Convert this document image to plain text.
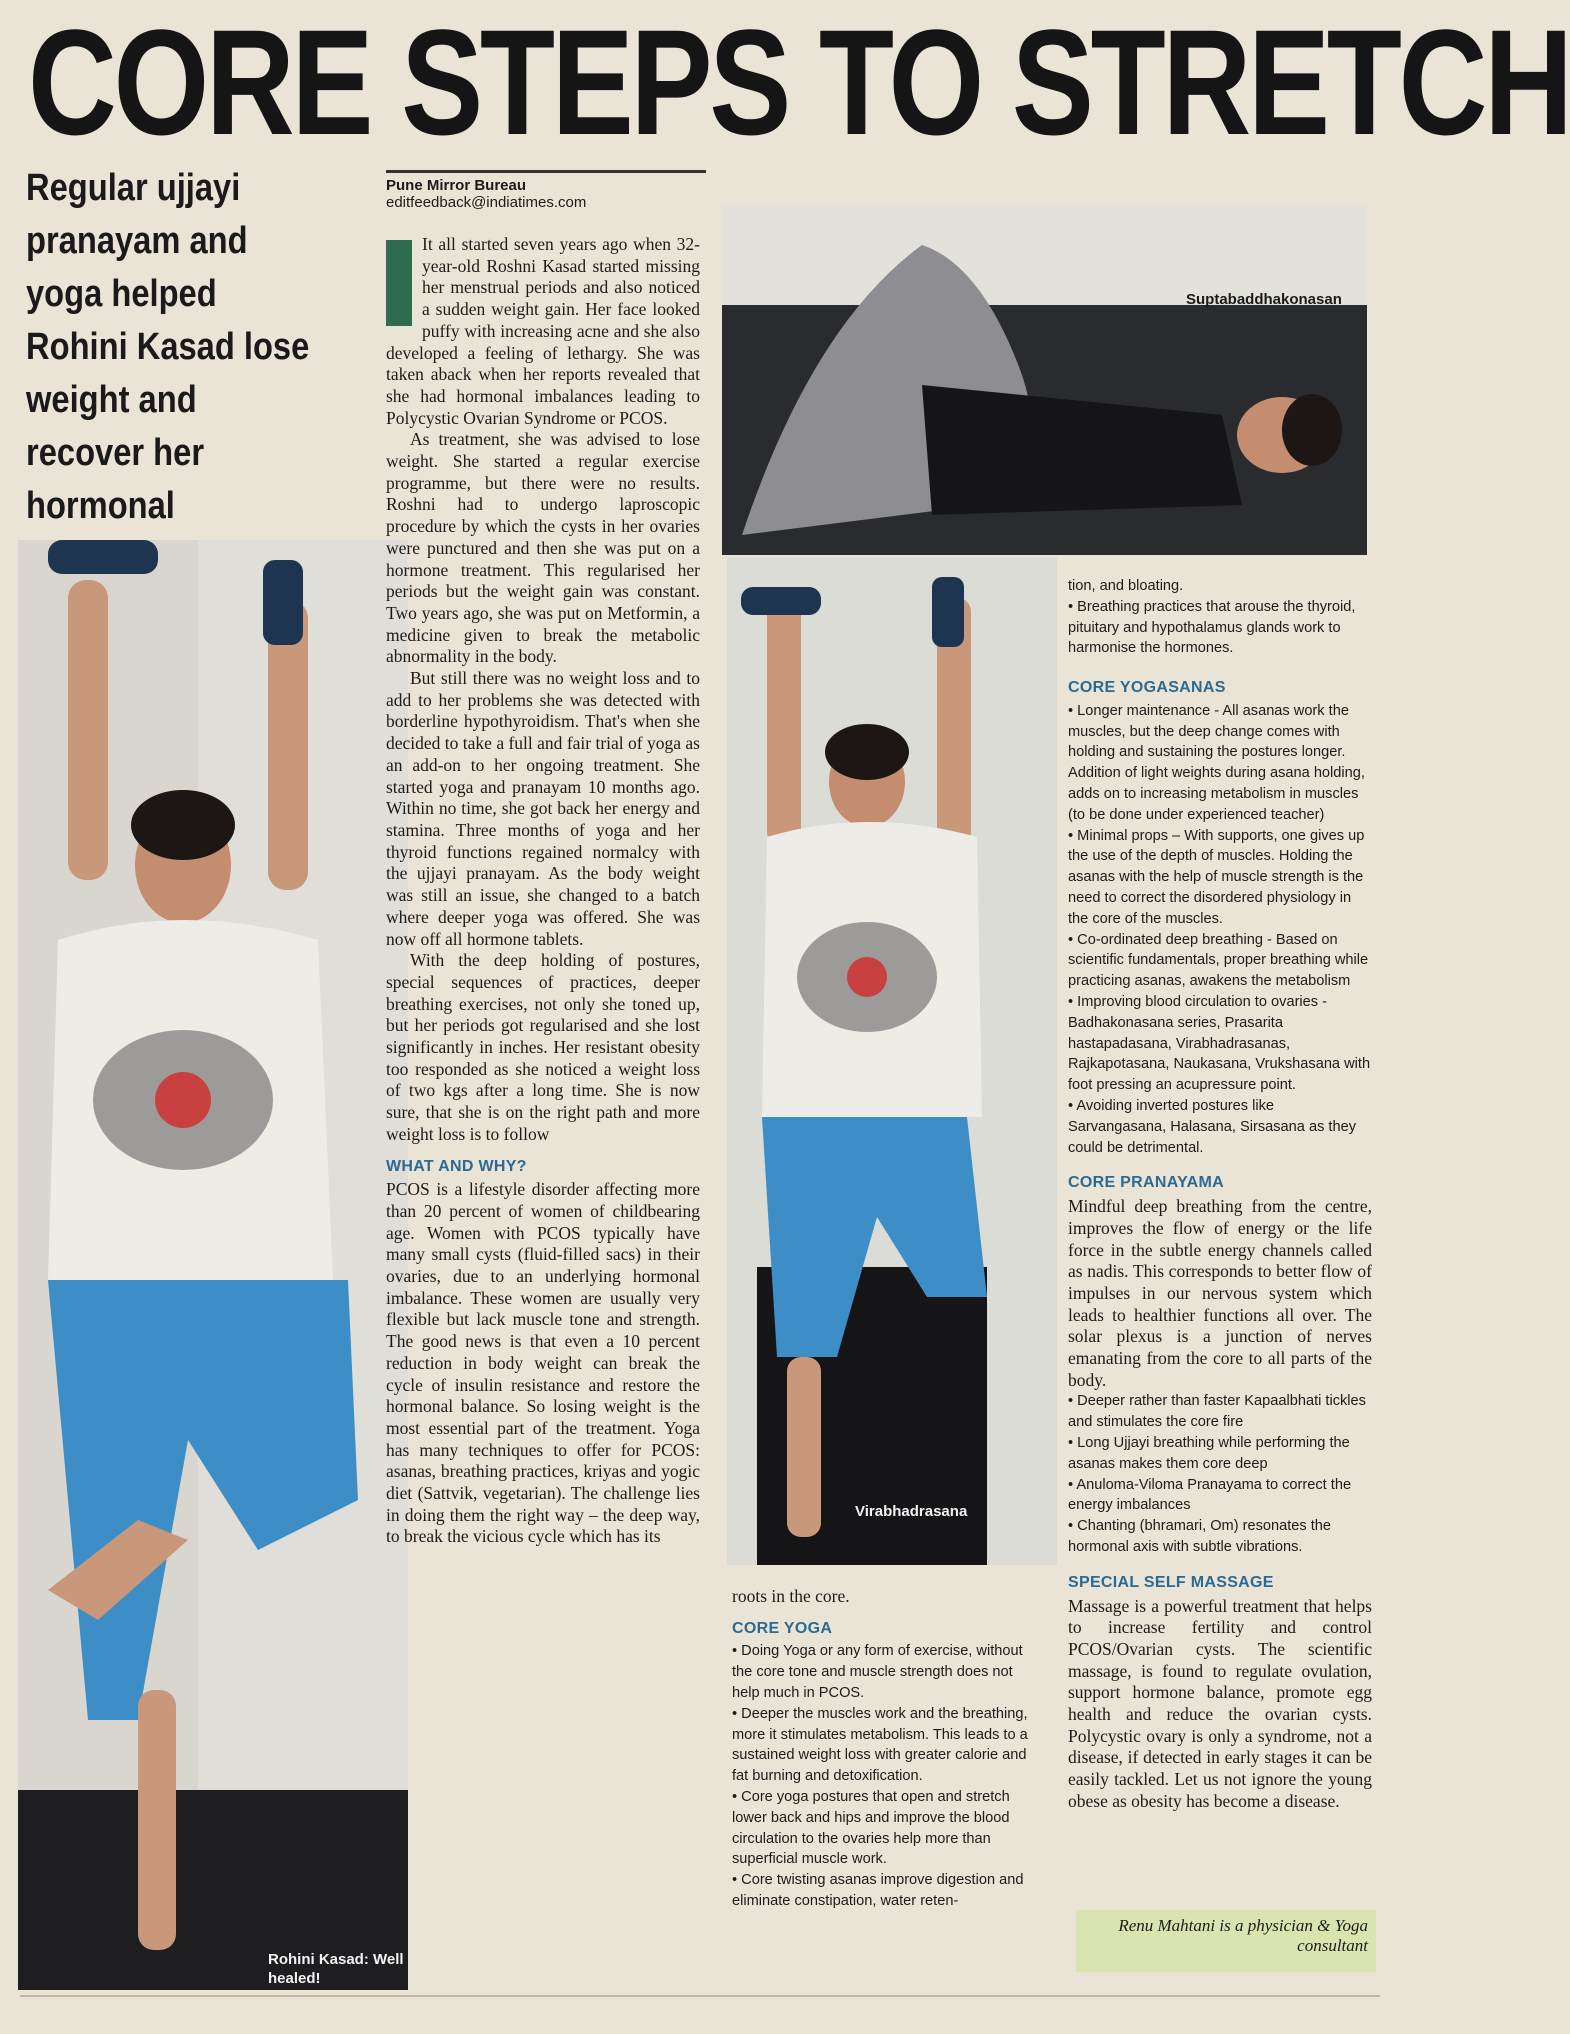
CORE STEPS TO STRETCH
Regular ujjayi pranayam and yoga helped Rohini Kasad lose weight and recover her hormonal
Pune Mirror Bureau
editfeedback@indiatimes.com
Rohini Kasad: Well healed!

It all started seven years ago when 32-year-old Roshni Kasad started missing her menstrual periods and also noticed a sudden weight gain. Her face looked puffy with increasing acne and she also developed a feeling of lethargy. She was taken aback when her reports revealed that she had hormonal imbalances leading to Polycystic Ovarian Syndrome or PCOS.

As treatment, she was advised to lose weight. She started a regular exercise programme, but there were no results. Roshni had to undergo laproscopic procedure by which the cysts in her ovaries were punctured and then she was put on a hormone treatment. This regularised her periods but the weight gain was constant. Two years ago, she was put on Metformin, a medicine given to break the metabolic abnormality in the body.

But still there was no weight loss and to add to her problems she was detected with borderline hypothyroidism. That's when she decided to take a full and fair trial of yoga as an add-on to her ongoing treatment. She started yoga and pranayam 10 months ago. Within no time, she got back her energy and stamina. Three months of yoga and her thyroid functions regained normalcy with the ujjayi pranayam. As the body weight was still an issue, she changed to a batch where deeper yoga was offered. She was now off all hormone tablets.

With the deep holding of postures, special sequences of practices, deeper breathing exercises, not only she toned up, but her periods got regularised and she lost significantly in inches. Her resistant obesity too responded as she noticed a weight loss of two kgs after a long time. She is now sure, that she is on the right path and more weight loss is to follow

WHAT AND WHY?

PCOS is a lifestyle disorder affecting more than 20 percent of women of childbearing age. Women with PCOS typically have many small cysts (fluid-filled sacs) in their ovaries, due to an underlying hormonal imbalance. These women are usually very flexible but lack muscle tone and strength. The good news is that even a 10 percent reduction in body weight can break the cycle of insulin resistance and restore the hormonal balance. So losing weight is the most essential part of the treatment. Yoga has many techniques to offer for PCOS: asanas, breathing practices, kriyas and yogic diet (Sattvik, vegetarian). The challenge lies in doing them the right way – the deep way, to break the vicious cycle which has its

Suptabaddhakonasan
Virabhadrasana

roots in the core.

CORE YOGA
• Doing Yoga or any form of exercise, without the core tone and muscle strength does not help much in PCOS.
• Deeper the muscles work and the breathing, more it stimulates metabolism. This leads to a sustained weight loss with greater calorie and fat burning and detoxification.
• Core yoga postures that open and stretch lower back and hips and improve the blood circulation to the ovaries help more than superficial muscle work.
• Core twisting asanas improve digestion and eliminate constipation, water reten-
tion, and bloating.
• Breathing practices that arouse the thyroid, pituitary and hypothalamus glands work to harmonise the hormones.
CORE YOGASANAS
• Longer maintenance - All asanas work the muscles, but the deep change comes with holding and sustaining the postures longer. Addition of light weights during asana holding, adds on to increasing metabolism in muscles (to be done under experienced teacher)
• Minimal props – With supports, one gives up the use of the depth of muscles. Holding the asanas with the help of muscle strength is the need to correct the disordered physiology in the core of the muscles.
• Co-ordinated deep breathing - Based on scientific fundamentals, proper breathing while practicing asanas, awakens the metabolism
• Improving blood circulation to ovaries - Badhakonasana series, Prasarita hastapadasana, Virabhadrasanas, Rajkapotasana, Naukasana, Vrukshasana with foot pressing an acupressure point.
• Avoiding inverted postures like Sarvangasana, Halasana, Sirsasana as they could be detrimental.
CORE PRANAYAMA

Mindful deep breathing from the centre, improves the flow of energy or the life force in the subtle energy channels called as nadis. This corresponds to better flow of impulses in our nervous system which leads to healthier functions all over. The solar plexus is a junction of nerves emanating from the core to all parts of the body.

• Deeper rather than faster Kapaalbhati tickles and stimulates the core fire
• Long Ujjayi breathing while performing the asanas makes them core deep
• Anuloma-Viloma Pranayama to correct the energy imbalances
• Chanting (bhramari, Om) resonates the hormonal axis with subtle vibrations.
SPECIAL SELF MASSAGE

Massage is a powerful treatment that helps to increase fertility and control PCOS/Ovarian cysts. The scientific massage, is found to regulate ovulation, support hormone balance, promote egg health and reduce the ovarian cysts. Polycystic ovary is only a syndrome, not a disease, if detected in early stages it can be easily tackled. Let us not ignore the young obese as obesity has become a disease.

Renu Mahtani is a physician & Yoga consultant
